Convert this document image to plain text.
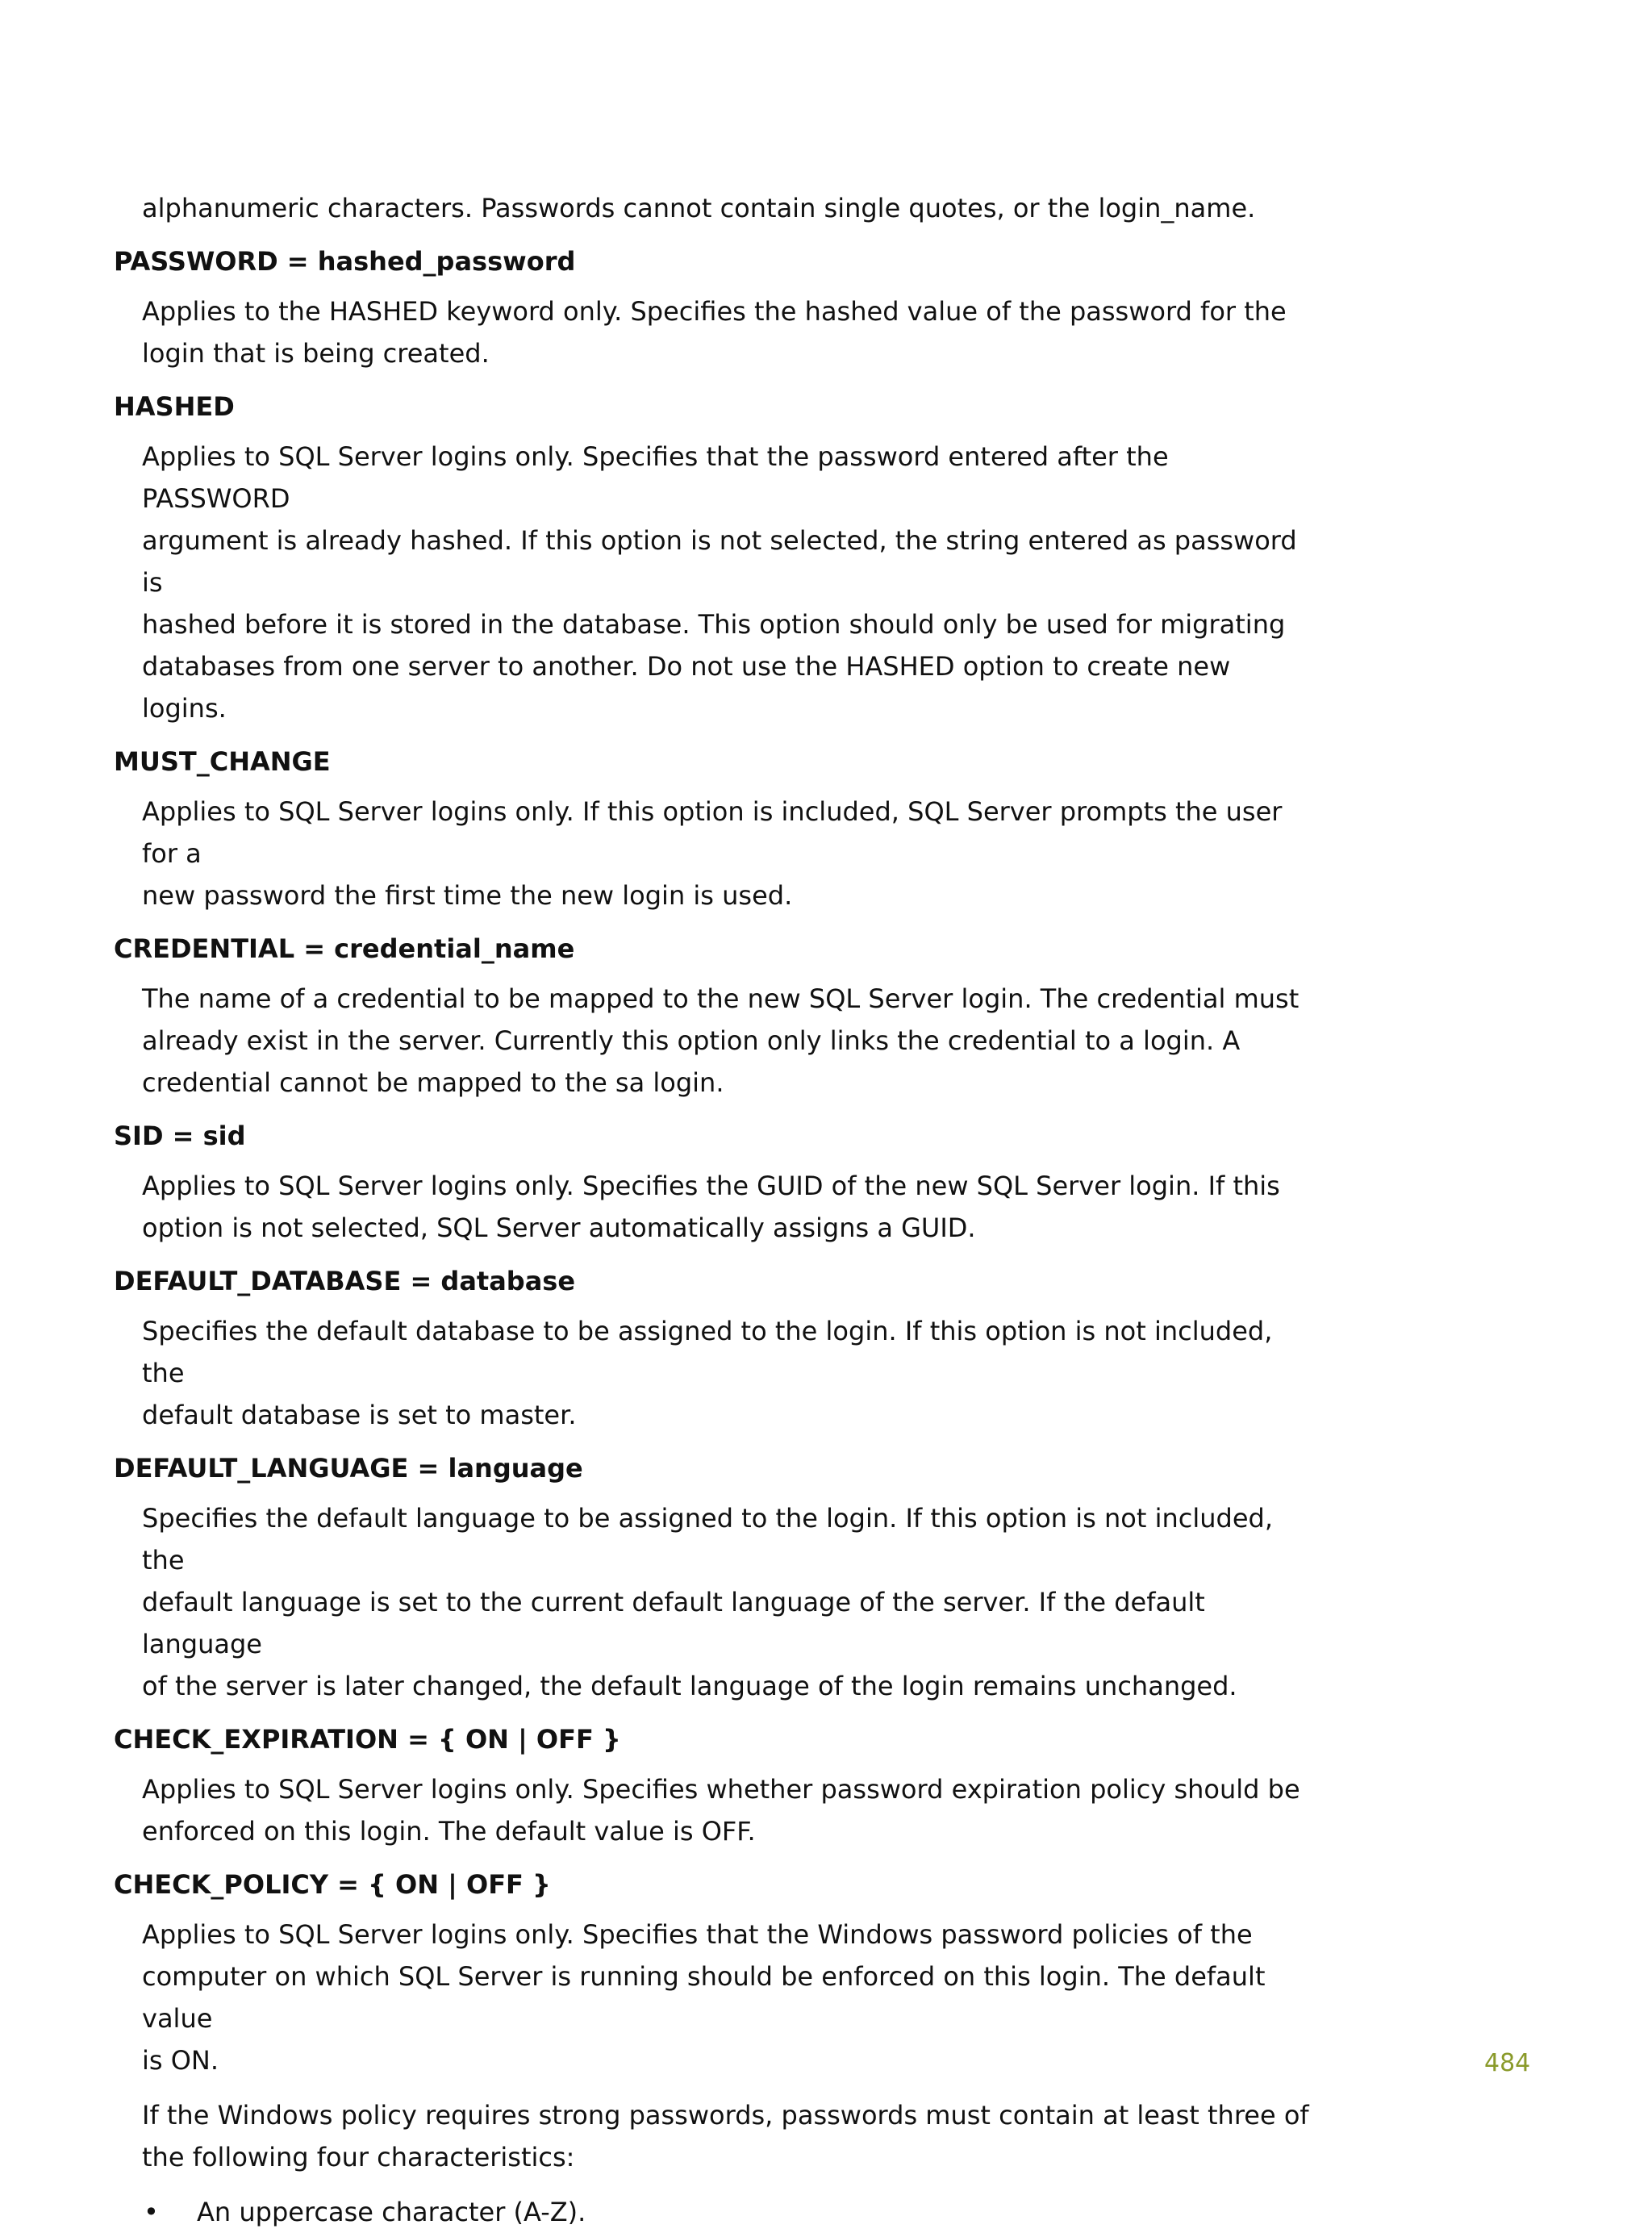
alphanumeric characters. Passwords cannot contain single quotes, or the login_name.

PASSWORD = hashed_password

Applies to the HASHED keyword only. Specifies the hashed value of the password for the
login that is being created.

HASHED

Applies to SQL Server logins only. Specifies that the password entered after the PASSWORD
argument is already hashed. If this option is not selected, the string entered as password is
hashed before it is stored in the database. This option should only be used for migrating
databases from one server to another. Do not use the HASHED option to create new logins.

MUST_CHANGE

Applies to SQL Server logins only. If this option is included, SQL Server prompts the user for a
new password the first time the new login is used.

CREDENTIAL = credential_name

The name of a credential to be mapped to the new SQL Server login. The credential must
already exist in the server. Currently this option only links the credential to a login. A
credential cannot be mapped to the sa login.

SID = sid

Applies to SQL Server logins only. Specifies the GUID of the new SQL Server login. If this
option is not selected, SQL Server automatically assigns a GUID.

DEFAULT_DATABASE = database

Specifies the default database to be assigned to the login. If this option is not included, the
default database is set to master.

DEFAULT_LANGUAGE = language

Specifies the default language to be assigned to the login. If this option is not included, the
default language is set to the current default language of the server. If the default language
of the server is later changed, the default language of the login remains unchanged.

CHECK_EXPIRATION = { ON | OFF }

Applies to SQL Server logins only. Specifies whether password expiration policy should be
enforced on this login. The default value is OFF.

CHECK_POLICY = { ON | OFF }

Applies to SQL Server logins only. Specifies that the Windows password policies of the
computer on which SQL Server is running should be enforced on this login. The default value
is ON.

If the Windows policy requires strong passwords, passwords must contain at least three of
the following four characteristics:

• An uppercase character (A-Z).
484
